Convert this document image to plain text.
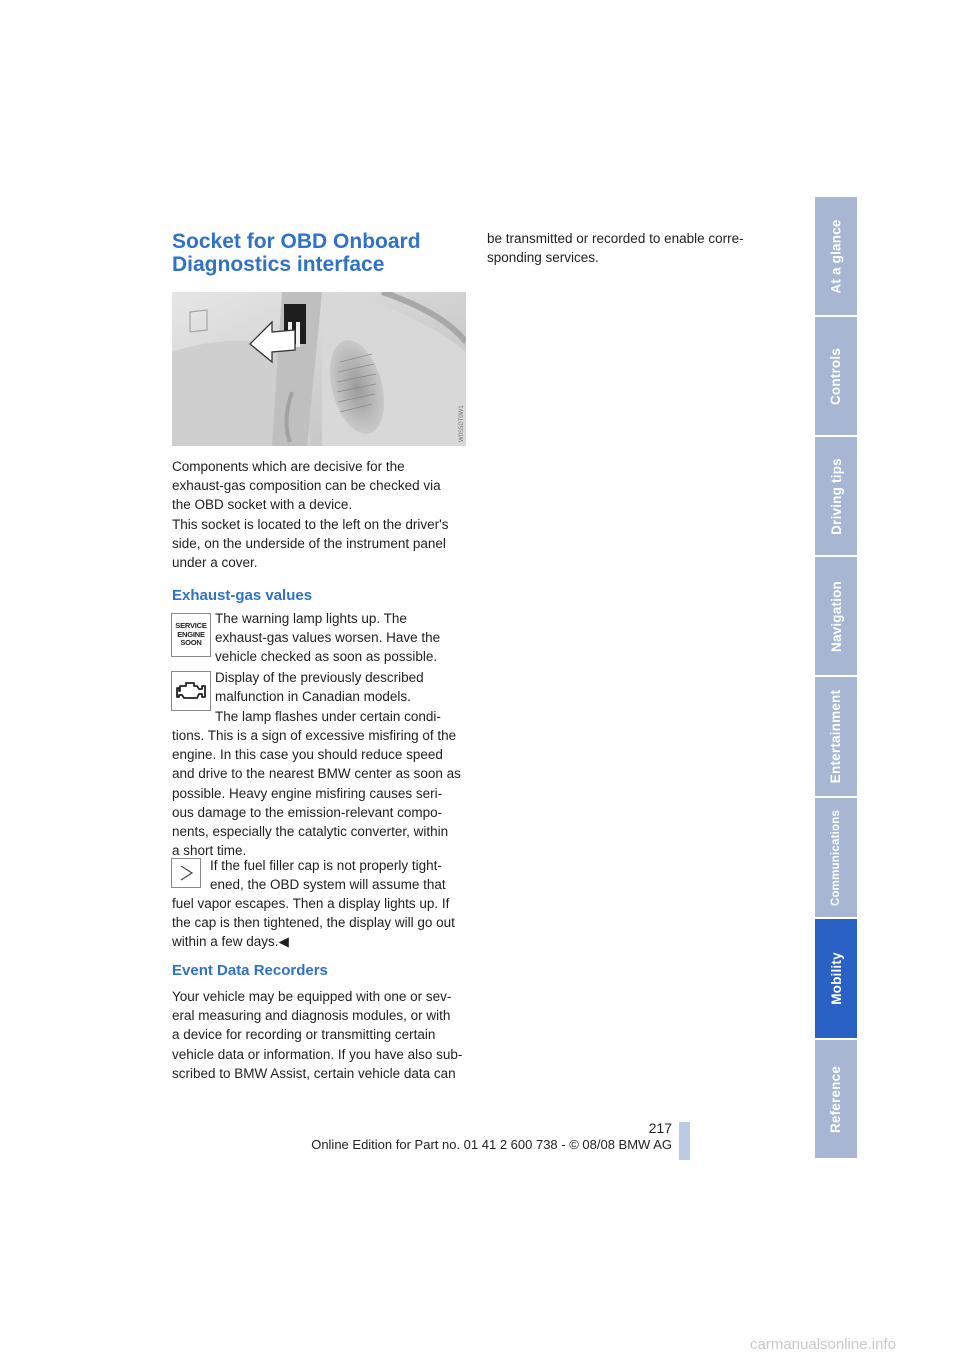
Socket for OBD Onboard
Diagnostics interface
W0S5DT0W1

Components which are decisive for the
exhaust-gas composition can be checked via
the OBD socket with a device.

This socket is located to the left on the driver's
side, on the underside of the instrument panel
under a cover.

Exhaust-gas values
SERVICE
ENGINE
SOON

The warning lamp lights up. The
exhaust-gas values worsen. Have the
vehicle checked as soon as possible.

Display of the previously described
malfunction in Canadian models.

The lamp flashes under certain condi-

tions. This is a sign of excessive misfiring of the
engine. In this case you should reduce speed
and drive to the nearest BMW center as soon as
possible. Heavy engine misfiring causes seri-
ous damage to the emission-relevant compo-
nents, especially the catalytic converter, within
a short time.

If the fuel filler cap is not properly tight-
ened, the OBD system will assume that

fuel vapor escapes. Then a display lights up. If
the cap is then tightened, the display will go out
within a few days.◀

Event Data Recorders

Your vehicle may be equipped with one or sev-
eral measuring and diagnosis modules, or with
a device for recording or transmitting certain
vehicle data or information. If you have also sub-
scribed to BMW Assist, certain vehicle data can

be transmitted or recorded to enable corre-
sponding services.	At a glance
Controls
Driving tips
Navigation
Entertainment
Communications
Mobility
Reference
217
Online Edition for Part no. 01 41 2 600 738 - © 08/08 BMW AG
carmanualsonline.info
